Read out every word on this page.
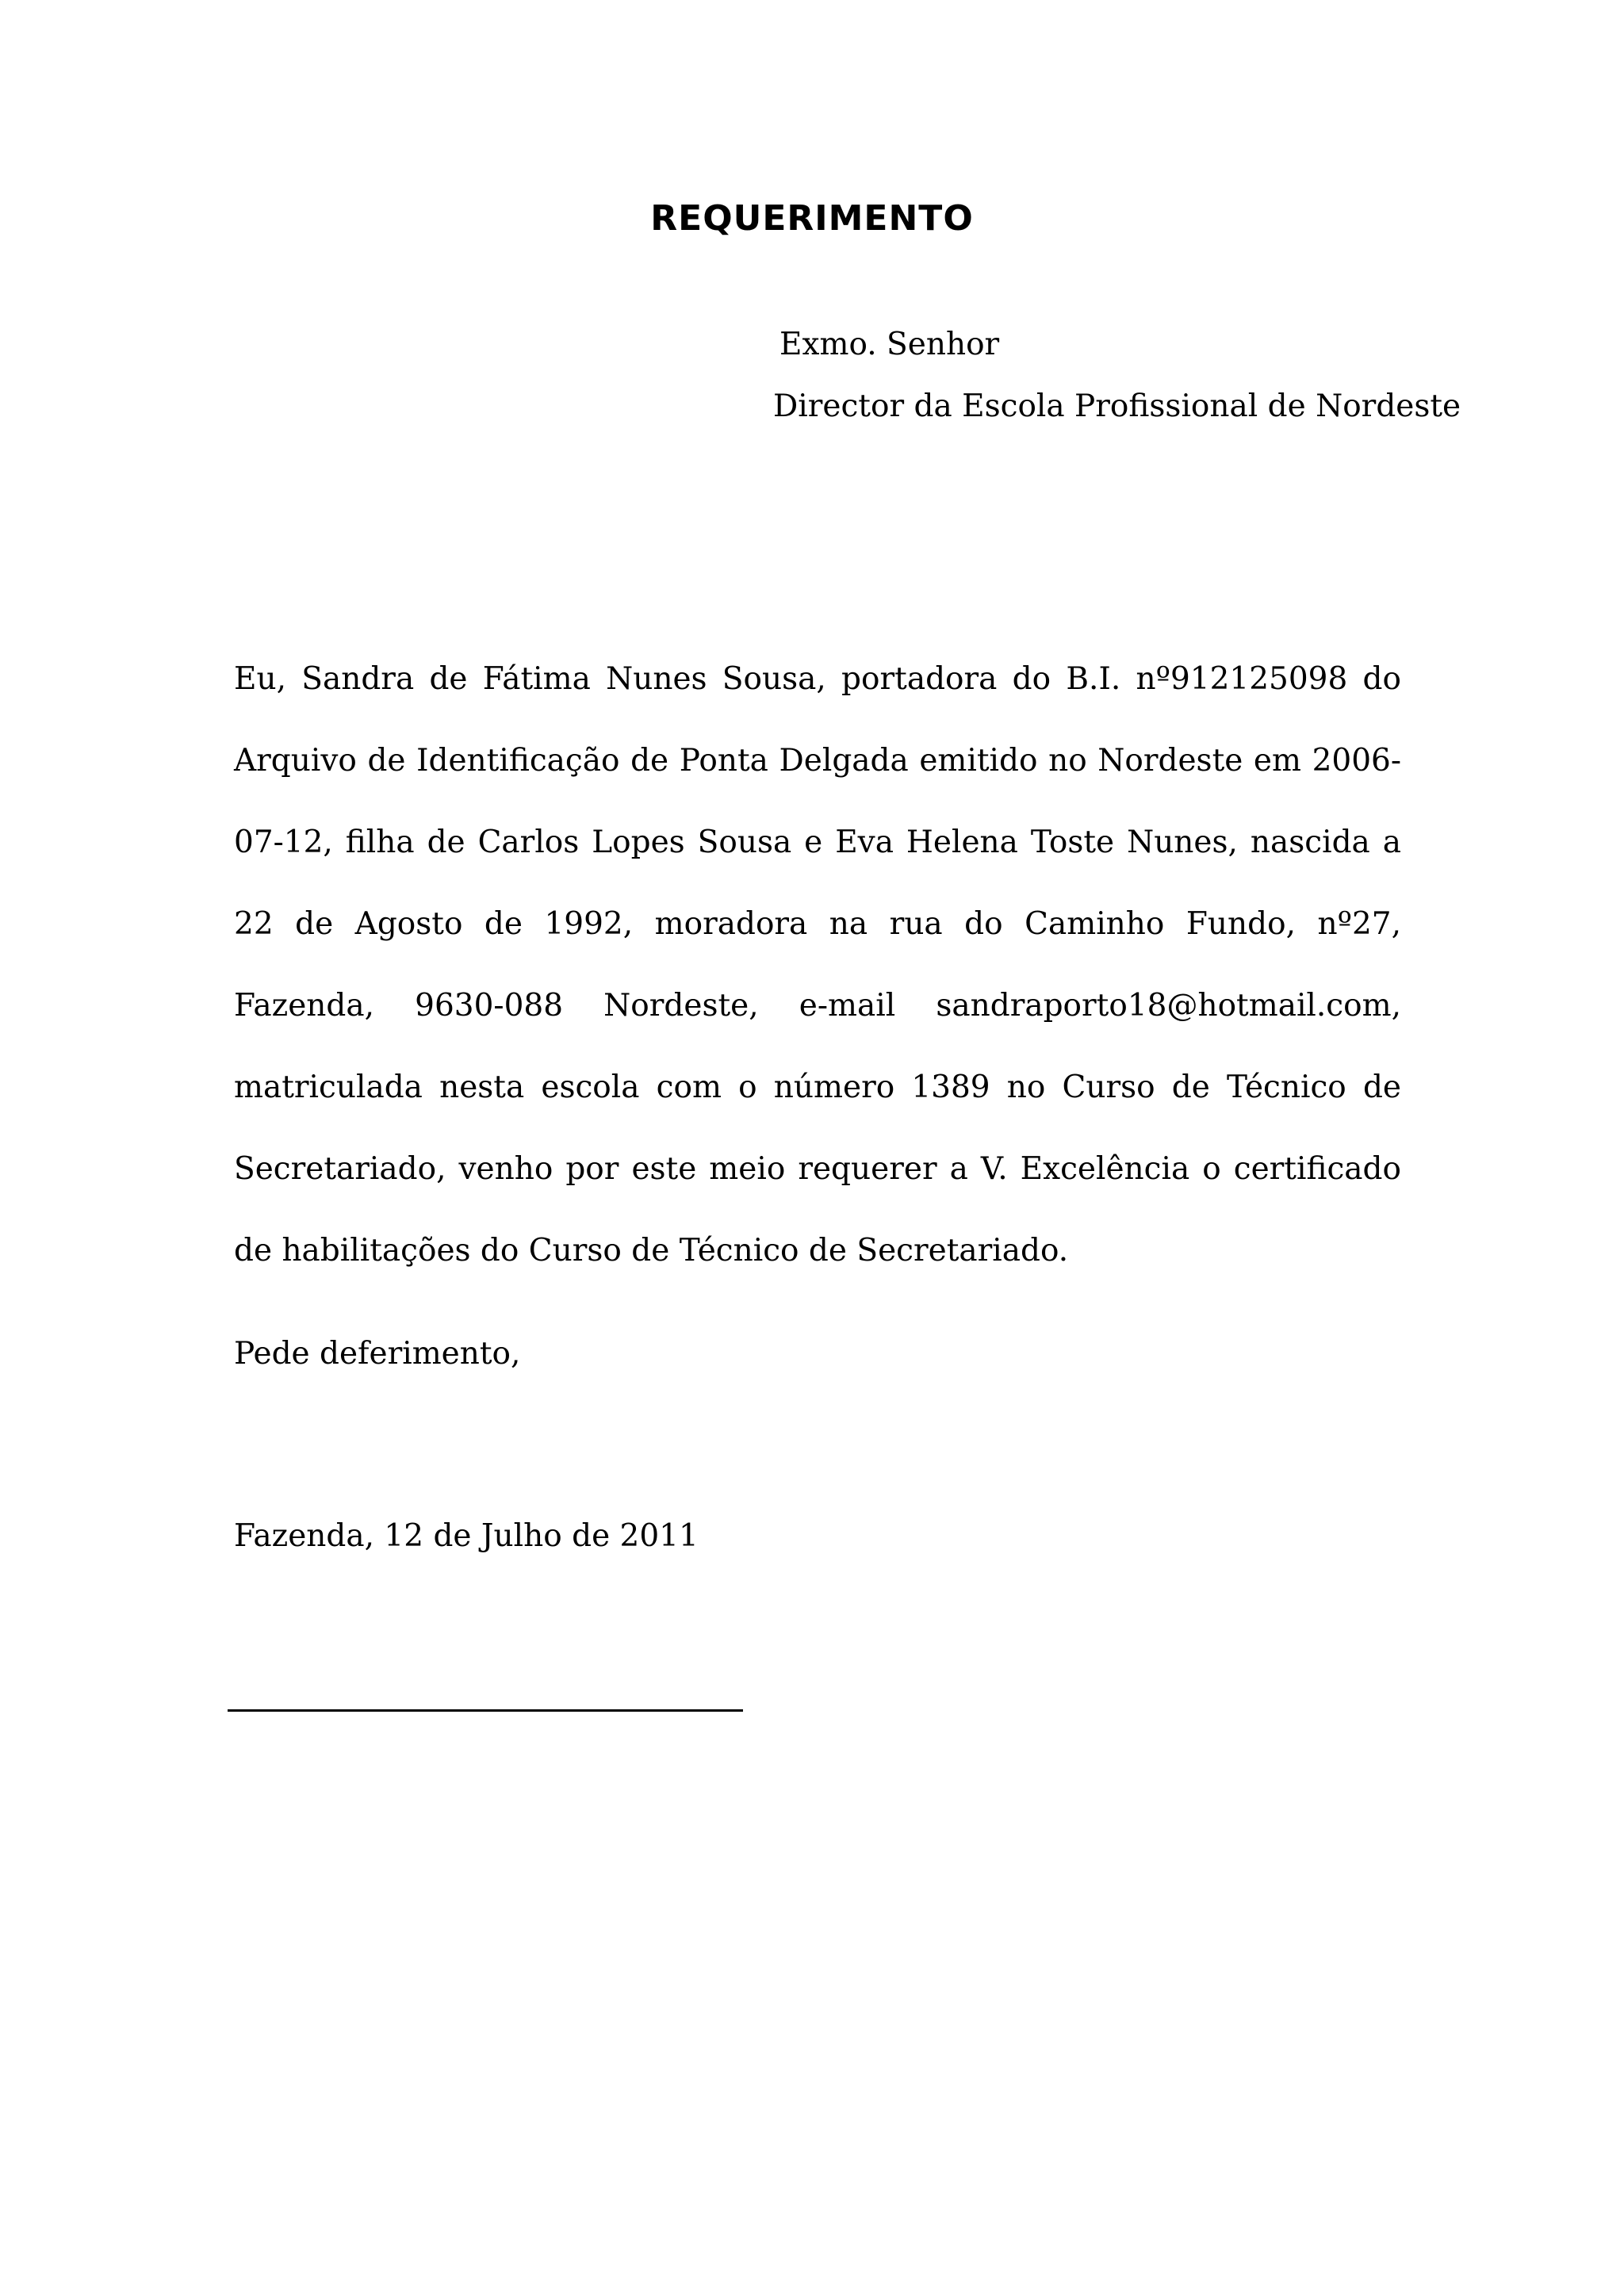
REQUERIMENTO
Exmo. Senhor
Director da Escola Profissional de Nordeste

Eu, Sandra de Fátima Nunes Sousa, portadora do B.I. nº912125098 do Arquivo de Identificação de Ponta Delgada emitido no Nordeste em 2006-07-12, filha de Carlos Lopes Sousa e Eva Helena Toste Nunes, nascida a 22 de Agosto de 1992, moradora na rua do Caminho Fundo, nº27, Fazenda, 9630-088 Nordeste, e-mail sandraporto18@hotmail.com, matriculada nesta escola com o número 1389 no Curso de Técnico de Secretariado, venho por este meio requerer a V. Excelência o certificado de habilitações do Curso de Técnico de Secretariado.

Pede deferimento,
Fazenda, 12 de Julho de 2011
